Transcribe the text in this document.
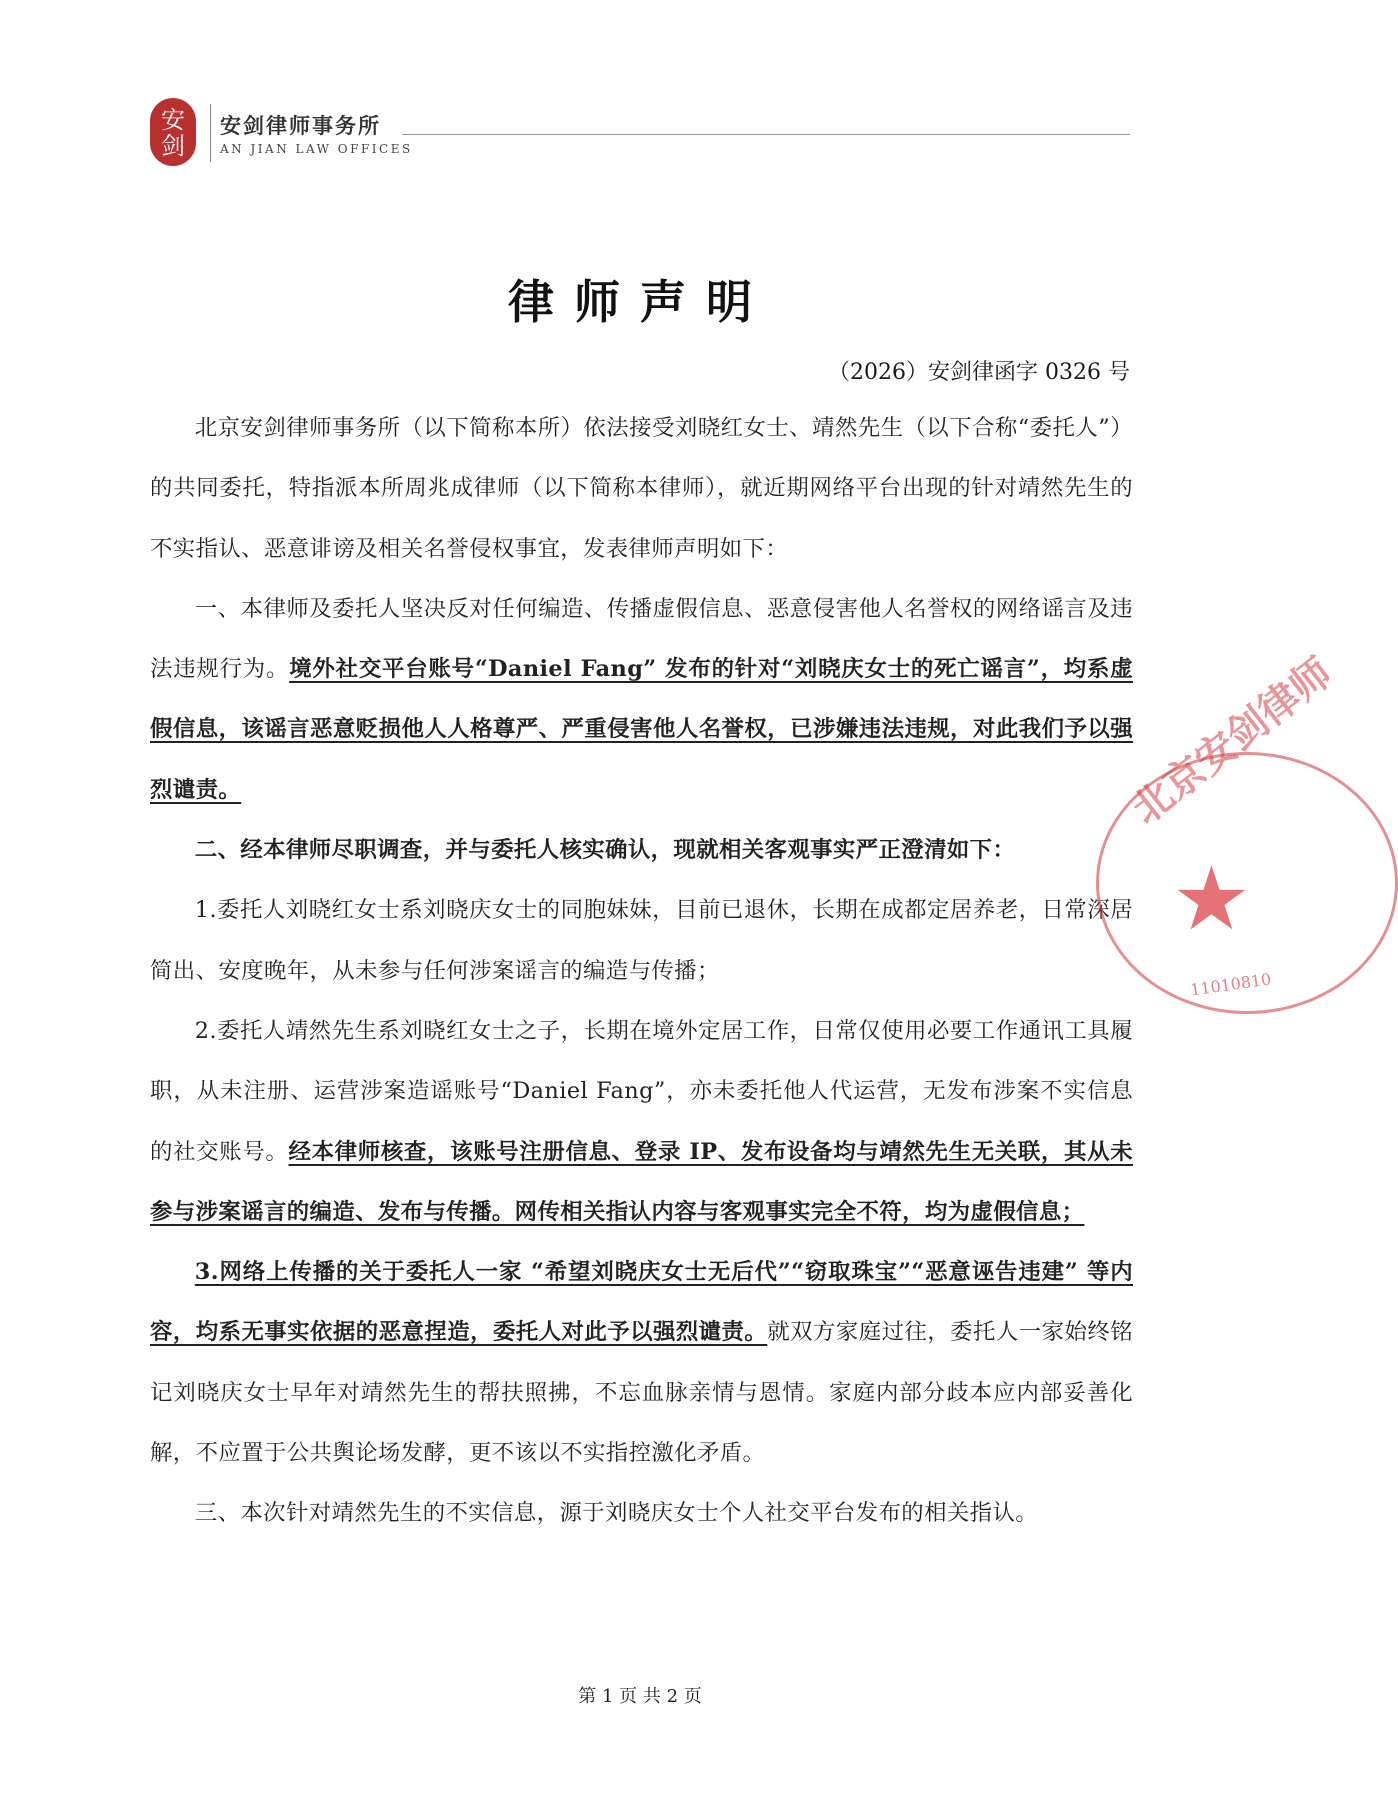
安
剑
安剑律师事务所
AN JIAN LAW OFFICES
律师声明
（2026）安剑律函字 0326 号

北京安剑律师事务所（以下简称本所）依法接受刘晓红女士、靖然先生（以下合称“委托人”）的共同委托，特指派本所周兆成律师（以下简称本律师），就近期网络平台出现的针对靖然先生的不实指认、恶意诽谤及相关名誉侵权事宜，发表律师声明如下：

一、本律师及委托人坚决反对任何编造、传播虚假信息、恶意侵害他人名誉权的网络谣言及违法违规行为。境外社交平台账号“Daniel Fang” 发布的针对“刘晓庆女士的死亡谣言”，均系虚假信息，该谣言恶意贬损他人人格尊严、严重侵害他人名誉权，已涉嫌违法违规，对此我们予以强烈谴责。

二、经本律师尽职调查，并与委托人核实确认，现就相关客观事实严正澄清如下：

1.委托人刘晓红女士系刘晓庆女士的同胞妹妹，目前已退休，长期在成都定居养老，日常深居简出、安度晚年，从未参与任何涉案谣言的编造与传播；

2.委托人靖然先生系刘晓红女士之子，长期在境外定居工作，日常仅使用必要工作通讯工具履职，从未注册、运营涉案造谣账号“Daniel Fang”，亦未委托他人代运营，无发布涉案不实信息的社交账号。经本律师核查，该账号注册信息、登录 IP、发布设备均与靖然先生无关联，其从未参与涉案谣言的编造、发布与传播。网传相关指认内容与客观事实完全不符，均为虚假信息；

3.网络上传播的关于委托人一家 “希望刘晓庆女士无后代”“窃取珠宝”“恶意诬告违建” 等内容，均系无事实依据的恶意捏造，委托人对此予以强烈谴责。就双方家庭过往，委托人一家始终铭记刘晓庆女士早年对靖然先生的帮扶照拂，不忘血脉亲情与恩情。家庭内部分歧本应内部妥善化解，不应置于公共舆论场发酵，更不该以不实指控激化矛盾。

三、本次针对靖然先生的不实信息，源于刘晓庆女士个人社交平台发布的相关指认。

北京安剑律师
★
11010810
第 1 页 共 2 页
